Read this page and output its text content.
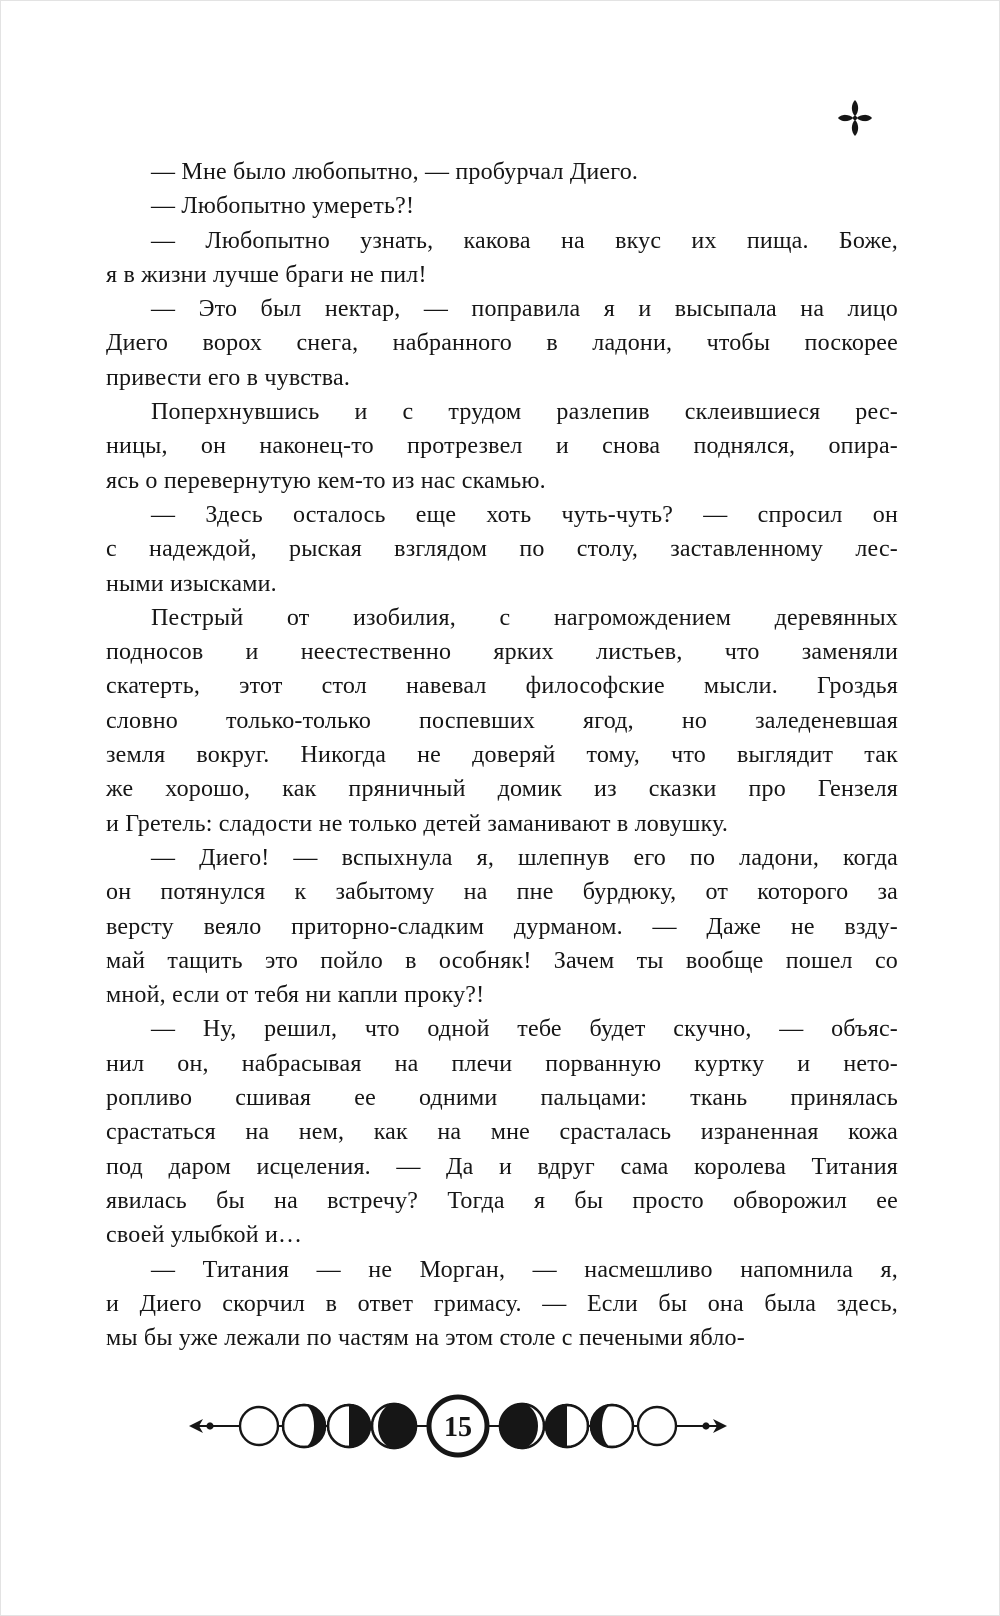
— Мне было любопытно, — пробурчал Диего.
— Любопытно умереть?!
— Любопытно узнать, какова на вкус их пища. Боже,
я в жизни лучше браги не пил!
— Это был нектар, — поправила я и высыпала на лицо
Диего ворох снега, набранного в ладони, чтобы поскорее
привести его в чувства.
Поперхнувшись и с трудом разлепив склеившиеся рес-
ницы, он наконец-то протрезвел и снова поднялся, опира-
ясь о перевернутую кем-то из нас скамью.
— Здесь осталось еще хоть чуть-чуть? — спросил он
с надеждой, рыская взглядом по столу, заставленному лес-
ными изысками.
Пестрый от изобилия, с нагромождением деревянных
подносов и неестественно ярких листьев, что заменяли
скатерть, этот стол навевал философские мысли. Гроздья
словно только-только поспевших ягод, но заледеневшая
земля вокруг. Никогда не доверяй тому, что выглядит так
же хорошо, как пряничный домик из сказки про Гензеля
и Гретель: сладости не только детей заманивают в ловушку.
— Диего! — вспыхнула я, шлепнув его по ладони, когда
он потянулся к забытому на пне бурдюку, от которого за
версту веяло приторно-сладким дурманом. — Даже не взду-
май тащить это пойло в особняк! Зачем ты вообще пошел со
мной, если от тебя ни капли проку?!
— Ну, решил, что одной тебе будет скучно, — объяс-
нил он, набрасывая на плечи порванную куртку и нето-
ропливо сшивая ее одними пальцами: ткань принялась
срастаться на нем, как на мне срасталась израненная кожа
под даром исцеления. — Да и вдруг сама королева Титания
явилась бы на встречу? Тогда я бы просто обворожил ее
своей улыбкой и…
— Титания — не Морган, — насмешливо напомнила я,
и Диего скорчил в ответ гримасу. — Если бы она была здесь,
мы бы уже лежали по частям на этом столе с печеными ябло-
15
